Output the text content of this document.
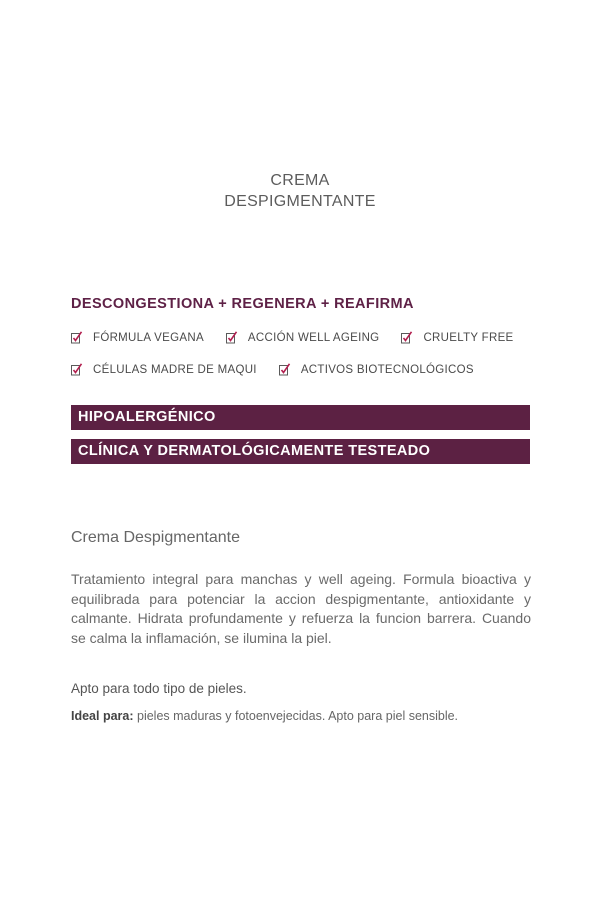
CREMA
DESPIGMENTANTE
DESCONGESTIONA + REGENERA + REAFIRMA
FÓRMULA VEGANA	ACCIÓN WELL AGEING	CRUELTY FREE
CÉLULAS MADRE DE MAQUI	ACTIVOS BIOTECNOLÓGICOS
HIPOALERGÉNICO
CLÍNICA Y DERMATOLÓGICAMENTE TESTEADO
Crema Despigmentante
Tratamiento integral para manchas y well ageing. Formula bioactiva y equilibrada para potenciar la accion despigmentante, antioxidante y calmante. Hidrata profundamente y refuerza la funcion barrera. Cuando se calma la inflamación, se ilumina la piel.
Apto para todo tipo de pieles.
Ideal para: pieles maduras y fotoenvejecidas. Apto para piel sensible.
